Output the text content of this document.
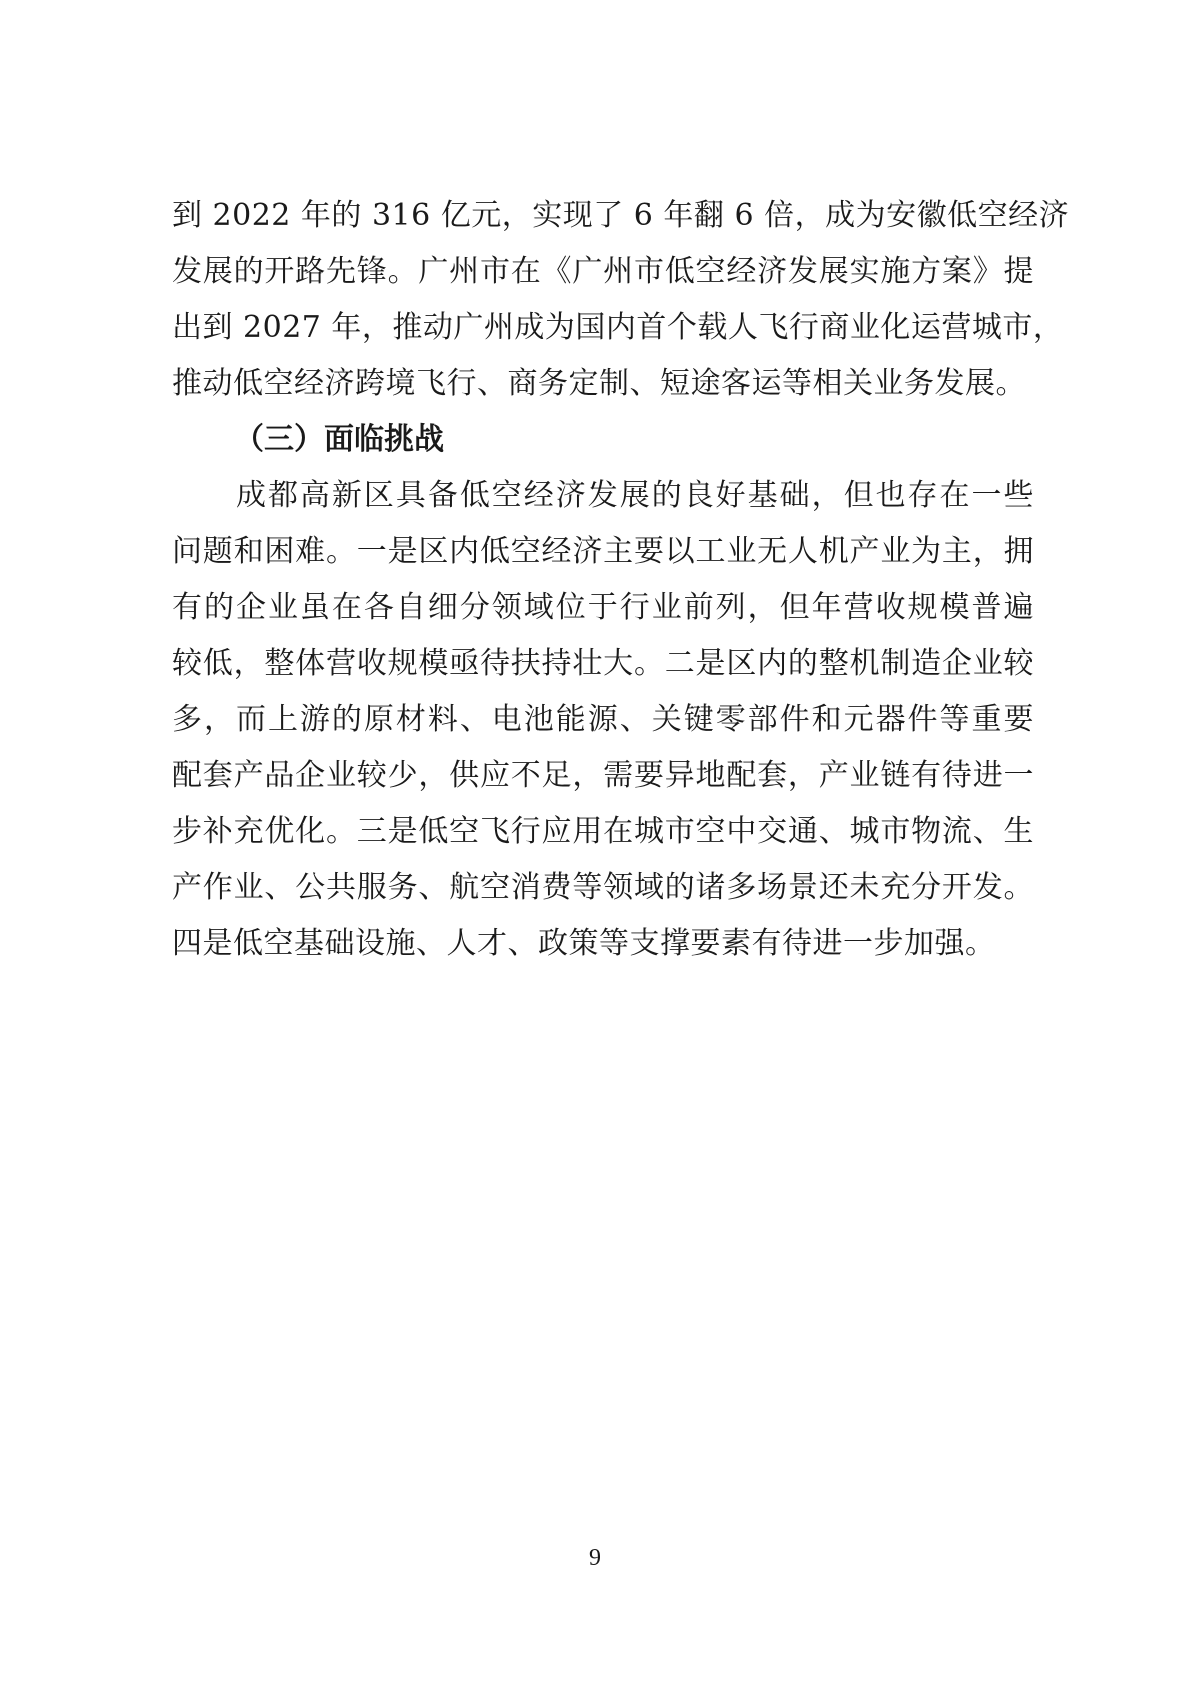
到 2022 年的 316 亿元，实现了 6 年翻 6 倍，成为安徽低空经济
发展的开路先锋。广州市在《广州市低空经济发展实施方案》提
出到 2027 年，推动广州成为国内首个载人飞行商业化运营城市，
推动低空经济跨境飞行、商务定制、短途客运等相关业务发展。
（三）面临挑战
　　成都高新区具备低空经济发展的良好基础，但也存在一些
问题和困难。一是区内低空经济主要以工业无人机产业为主，拥
有的企业虽在各自细分领域位于行业前列，但年营收规模普遍
较低，整体营收规模亟待扶持壮大。二是区内的整机制造企业较
多，而上游的原材料、电池能源、关键零部件和元器件等重要
配套产品企业较少，供应不足，需要异地配套，产业链有待进一
步补充优化。三是低空飞行应用在城市空中交通、城市物流、生
产作业、公共服务、航空消费等领域的诸多场景还未充分开发。
四是低空基础设施、人才、政策等支撑要素有待进一步加强。
9
